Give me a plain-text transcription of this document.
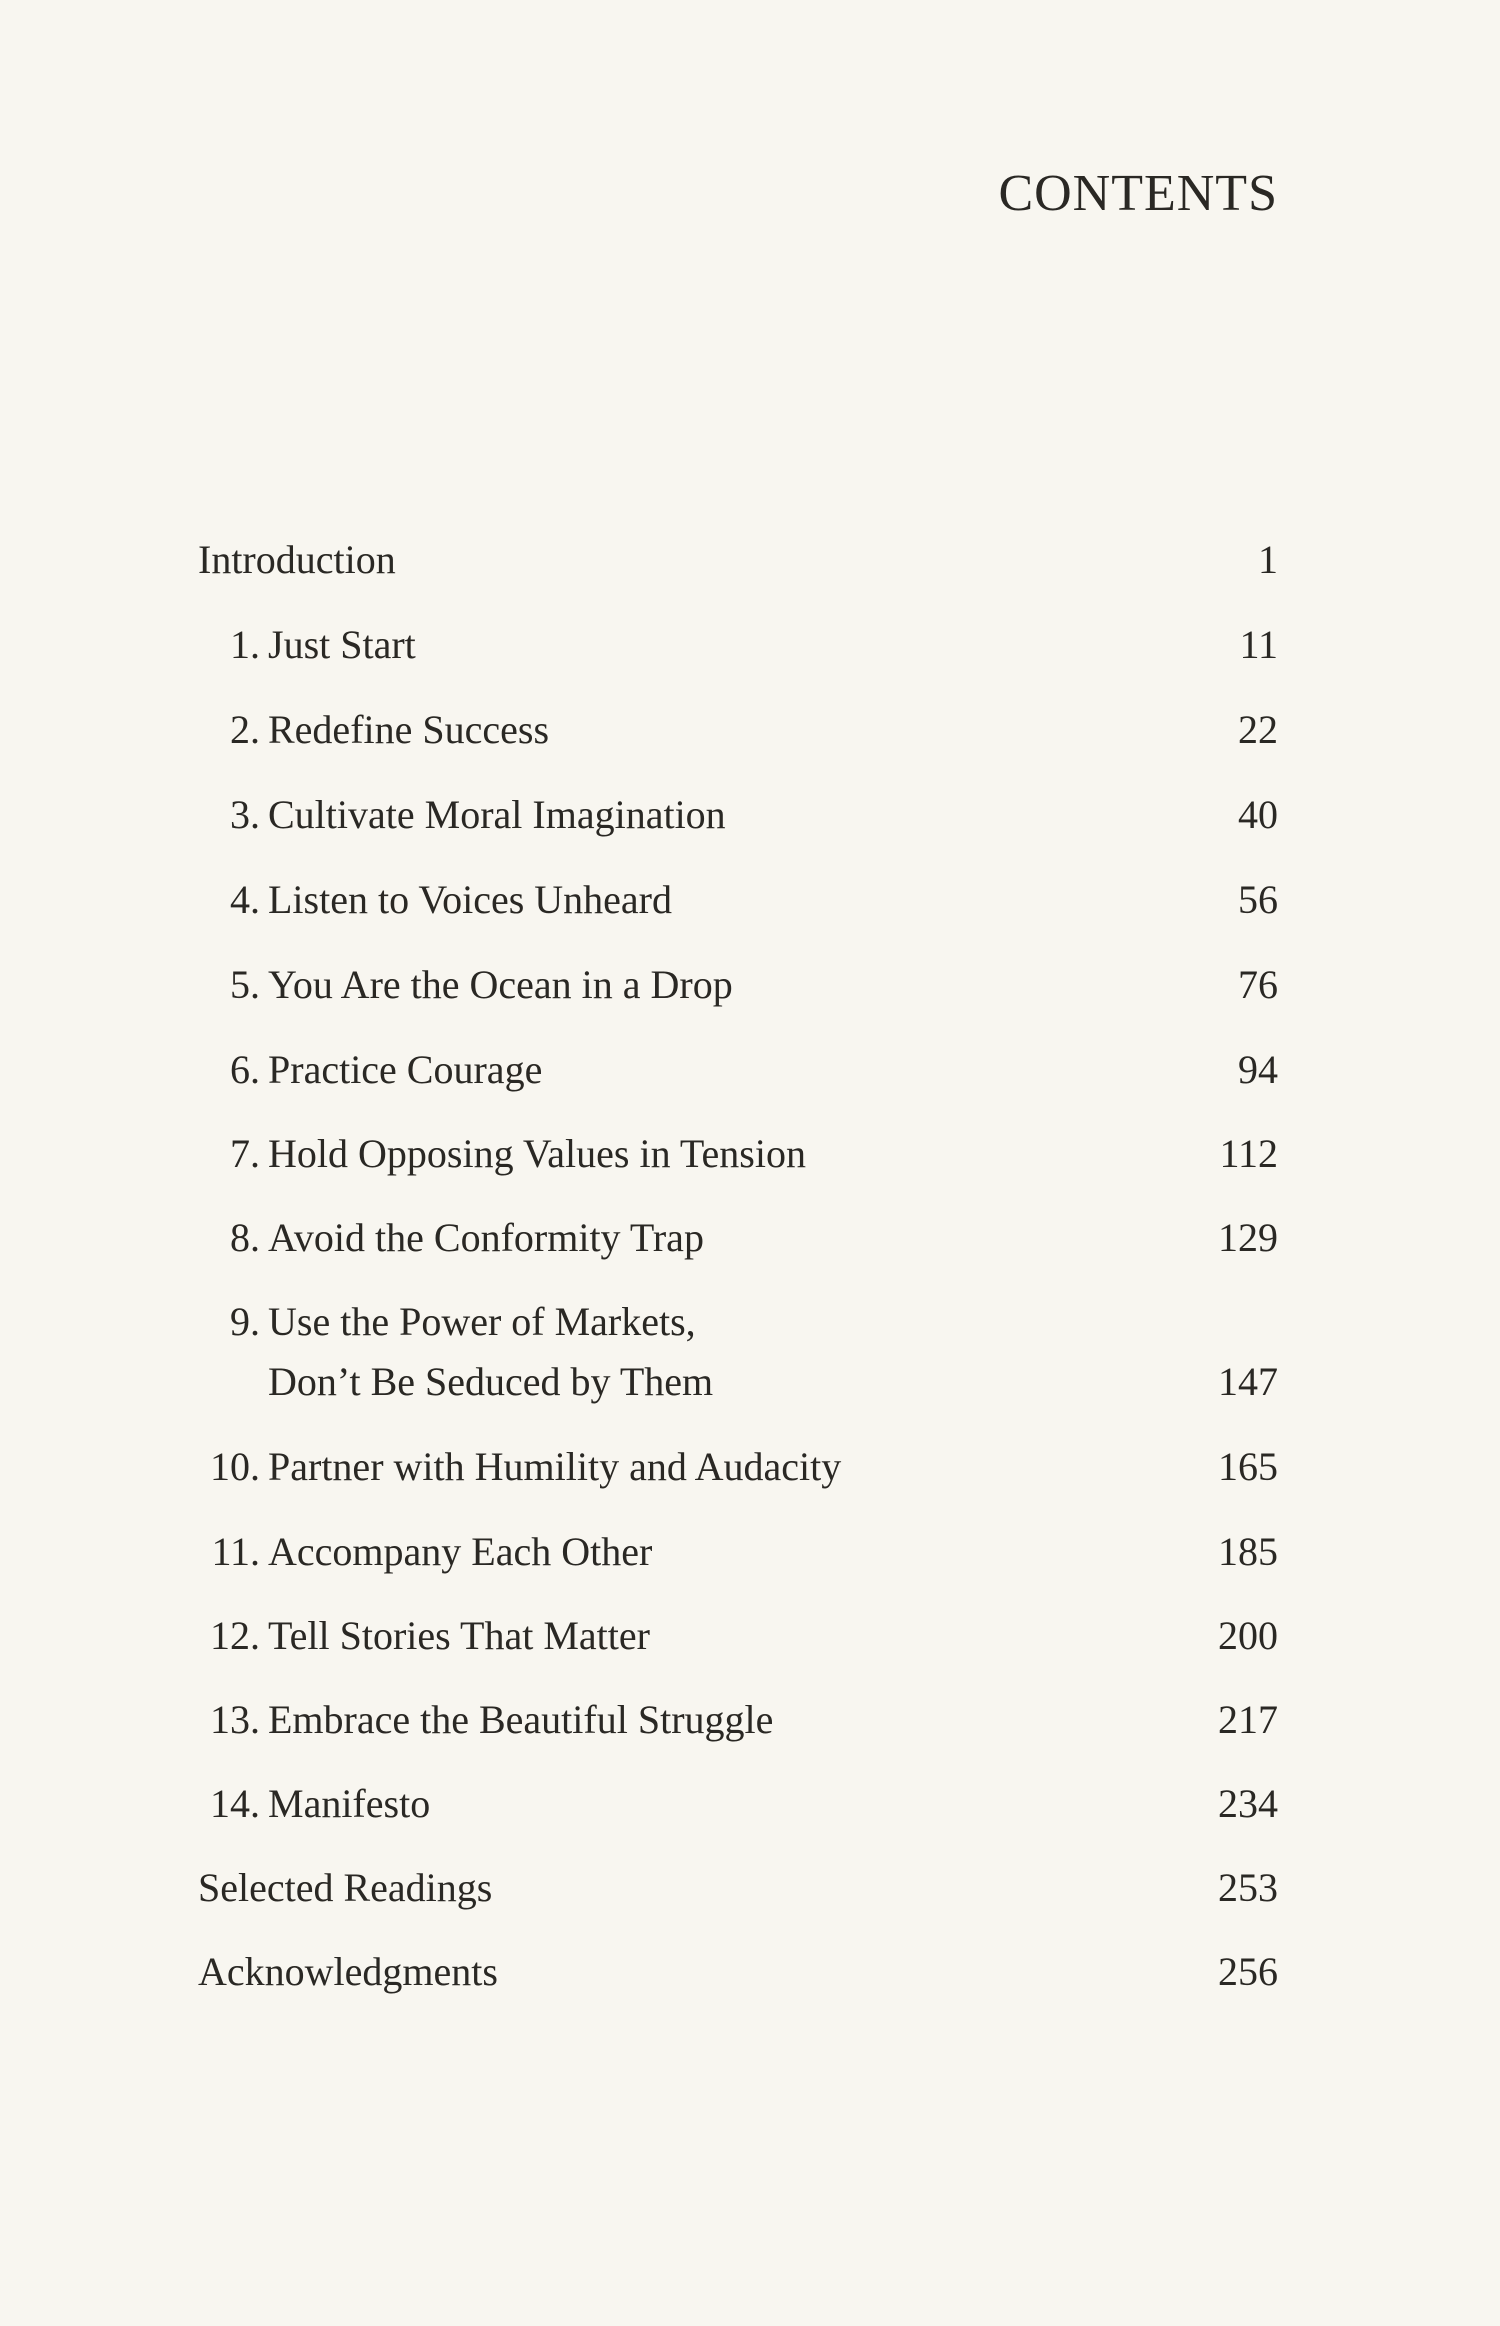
CONTENTS
Introduction	1
1. Just Start	11
2. Redefine Success	22
3. Cultivate Moral Imagination	40
4. Listen to Voices Unheard	56
5. You Are the Ocean in a Drop	76
6. Practice Courage	94
7. Hold Opposing Values in Tension	112
8. Avoid the Conformity Trap	129
9. Use the Power of Markets,
Don’t Be Seduced by Them	147
10. Partner with Humility and Audacity	165
11. Accompany Each Other	185
12. Tell Stories That Matter	200
13. Embrace the Beautiful Struggle	217
14. Manifesto	234
Selected Readings	253
Acknowledgments	256
